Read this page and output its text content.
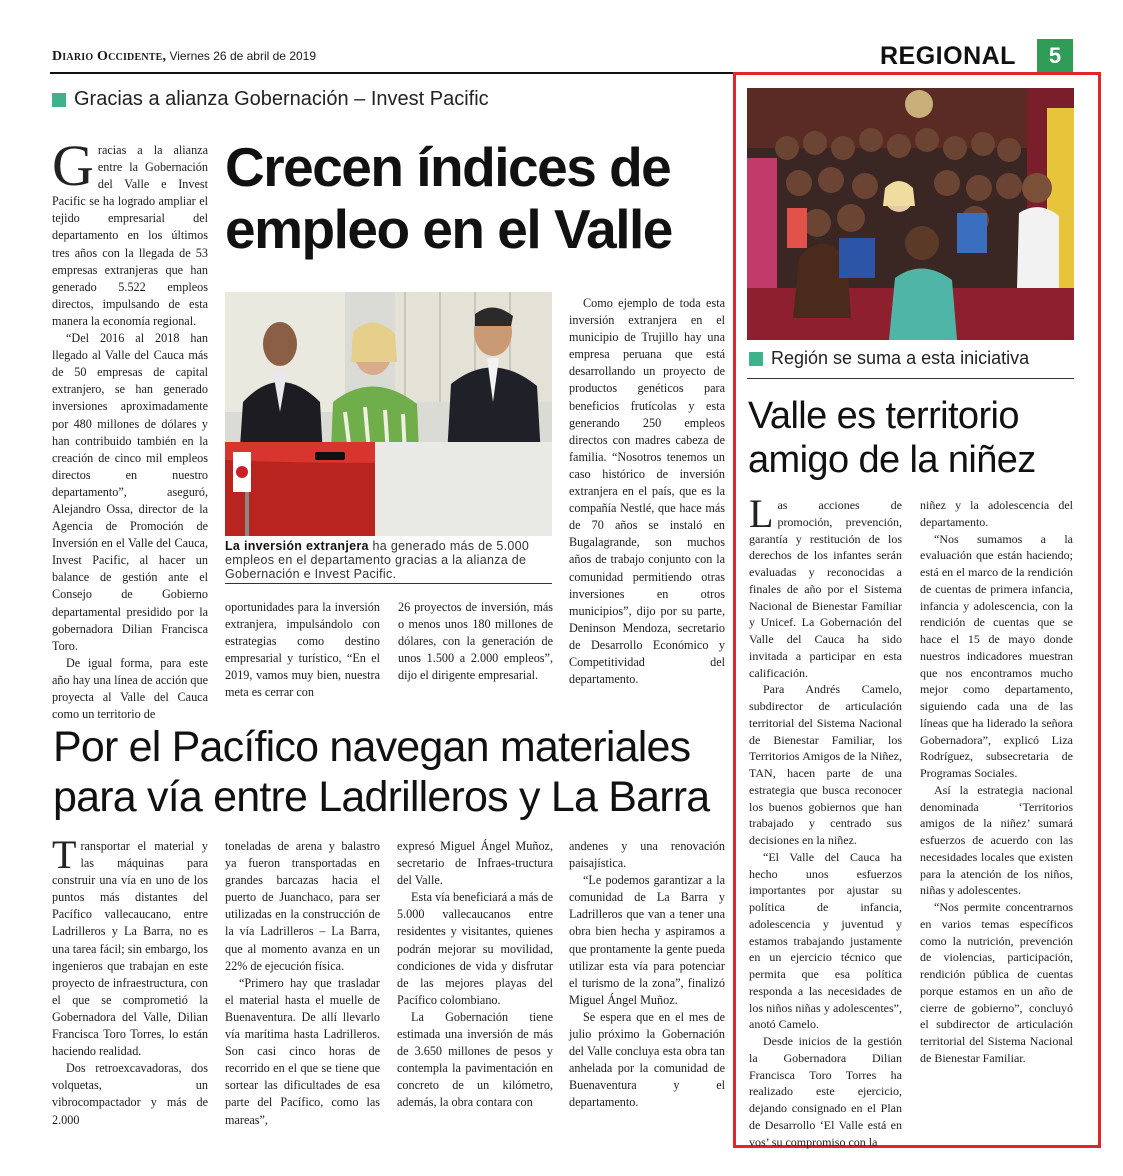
Diario Occidente, Viernes 26 de abril de 2019	REGIONAL	5
Gracias a alianza Gobernación – Invest Pacific
Crecen índices de empleo en el Valle
G racias a la alianza entre la Gobernación del Valle e Invest Pacific se ha logrado ampliar el tejido empresarial del departamento en los últimos tres años con la llegada de 53 empresas extranjeras que han generado 5.522 empleos directos, impulsando de esta manera la economía regional.

“Del 2016 al 2018 han llegado al Valle del Cauca más de 50 empresas de capital extranjero, se han generado inversiones aproximadamente por 480 millones de dólares y han contribuido también en la creación de cinco mil empleos directos en nuestro departamento”, aseguró, Alejandro Ossa, director de la Agencia de Promoción de Inversión en el Valle del Cauca, Invest Pacific, al hacer un balance de gestión ante el Consejo de Gobierno departamental presidido por la gobernadora Dilian Francisca Toro.

De igual forma, para este año hay una línea de acción que proyecta al Valle del Cauca como un territorio de

La inversión extranjera ha generado más de 5.000 empleos en el departamento gracias a la alianza de Gobernación e Invest Pacific.

oportunidades para la inversión extranjera, impulsándolo con estrategias como destino empresarial y turístico, “En el 2019, vamos muy bien, nuestra meta es cerrar con

26 proyectos de inversión, más o menos unos 180 millones de dólares, con la generación de unos 1.500 a 2.000 empleos”, dijo el dirigente empresarial.

Como ejemplo de toda esta inversión extranjera en el municipio de Trujillo hay una empresa peruana que está desarrollando un proyecto de productos genéticos para beneficios frutícolas y esta generando 250 empleos directos con madres cabeza de familia. “Nosotros tenemos un caso histórico de inversión extranjera en el país, que es la compañía Nestlé, que hace más de 70 años se instaló en Bugalagrande, son muchos años de trabajo conjunto con la comunidad permitiendo otras inversiones en otros municipios”, dijo por su parte, Deninson Mendoza, secretario de Desarrollo Económico y Competitividad del departamento.

Por el Pacífico navegan materiales para vía entre Ladrilleros y La Barra
T ransportar el material y las máquinas para construir una vía en uno de los puntos más distantes del Pacífico vallecaucano, entre Ladrilleros y La Barra, no es una tarea fácil; sin embargo, los ingenieros que trabajan en este proyecto de infraestructura, con el que se comprometió la Gobernadora del Valle, Dilian Francisca Toro Torres, lo están haciendo realidad.

Dos retroexcavadoras, dos volquetas, un vibrocompactador y más de 2.000

toneladas de arena y balastro ya fueron transportadas en grandes barcazas hacia el puerto de Juanchaco, para ser utilizadas en la construcción de la vía Ladrilleros – La Barra, que al momento avanza en un 22% de ejecución física.

“Primero hay que trasladar el material hasta el muelle de Buenaventura. De allí llevarlo vía marítima hasta Ladrilleros. Son casi cinco horas de recorrido en el que se tiene que sortear las dificultades de esa parte del Pacífico, como las mareas”,

expresó Miguel Ángel Muñoz, secretario de Infraes-tructura del Valle.

Esta vía beneficiará a más de 5.000 vallecaucanos entre residentes y visitantes, quienes podrán mejorar su movilidad, condiciones de vida y disfrutar de las mejores playas del Pacífico colombiano.

La Gobernación tiene estimada una inversión de más de 3.650 millones de pesos y contempla la pavimentación en concreto de un kilómetro, además, la obra contara con

andenes y una renovación paisajística.

“Le podemos garantizar a la comunidad de La Barra y Ladrilleros que van a tener una obra bien hecha y aspiramos a que prontamente la gente pueda utilizar esta vía para potenciar el turismo de la zona”, finalizó Miguel Ángel Muñoz.

Se espera que en el mes de julio próximo la Gobernación del Valle concluya esta obra tan anhelada por la comunidad de Buenaventura y el departamento.

Región se suma a esta iniciativa
Valle es territorio amigo de la niñez
L as acciones de promoción, prevención, garantía y restitución de los derechos de los infantes serán evaluadas y reconocidas a finales de año por el Sistema Nacional de Bienestar Familiar y Unicef. La Gobernación del Valle del Cauca ha sido invitada a participar en esta calificación.

Para Andrés Camelo, subdirector de articulación territorial del Sistema Nacional de Bienestar Familiar, los Territorios Amigos de la Niñez, TAN, hacen parte de una estrategia que busca reconocer los buenos gobiernos que han trabajado y centrado sus decisiones en la niñez.

“El Valle del Cauca ha hecho unos esfuerzos importantes por ajustar su política de infancia, adolescencia y juventud y estamos trabajando justamente en un ejercicio técnico que permita que esa política responda a las necesidades de los niños niñas y adolescentes”, anotó Camelo.

Desde inicios de la gestión la Gobernadora Dilian Francisca Toro Torres ha realizado este ejercicio, dejando consignado en el Plan de Desarrollo ‘El Valle está en vos’ su compromiso con la

niñez y la adolescencia del departamento.

“Nos sumamos a la evaluación que están haciendo; está en el marco de la rendición de cuentas de primera infancia, infancia y adolescencia, con la rendición de cuentas que se hace el 15 de mayo donde nuestros indicadores muestran que nos encontramos mucho mejor como departamento, siguiendo cada una de las líneas que ha liderado la señora Gobernadora”, explicó Liza Rodríguez, subsecretaria de Programas Sociales.

Así la estrategia nacional denominada ‘Territorios amigos de la niñez’ sumará esfuerzos de acuerdo con las necesidades locales que existen para la atención de los niños, niñas y adolescentes.

“Nos permite concentrarnos en varios temas específicos como la nutrición, prevención de violencias, participación, rendición pública de cuentas porque estamos en un año de cierre de gobierno”, concluyó el subdirector de articulación territorial del Sistema Nacional de Bienestar Familiar.
